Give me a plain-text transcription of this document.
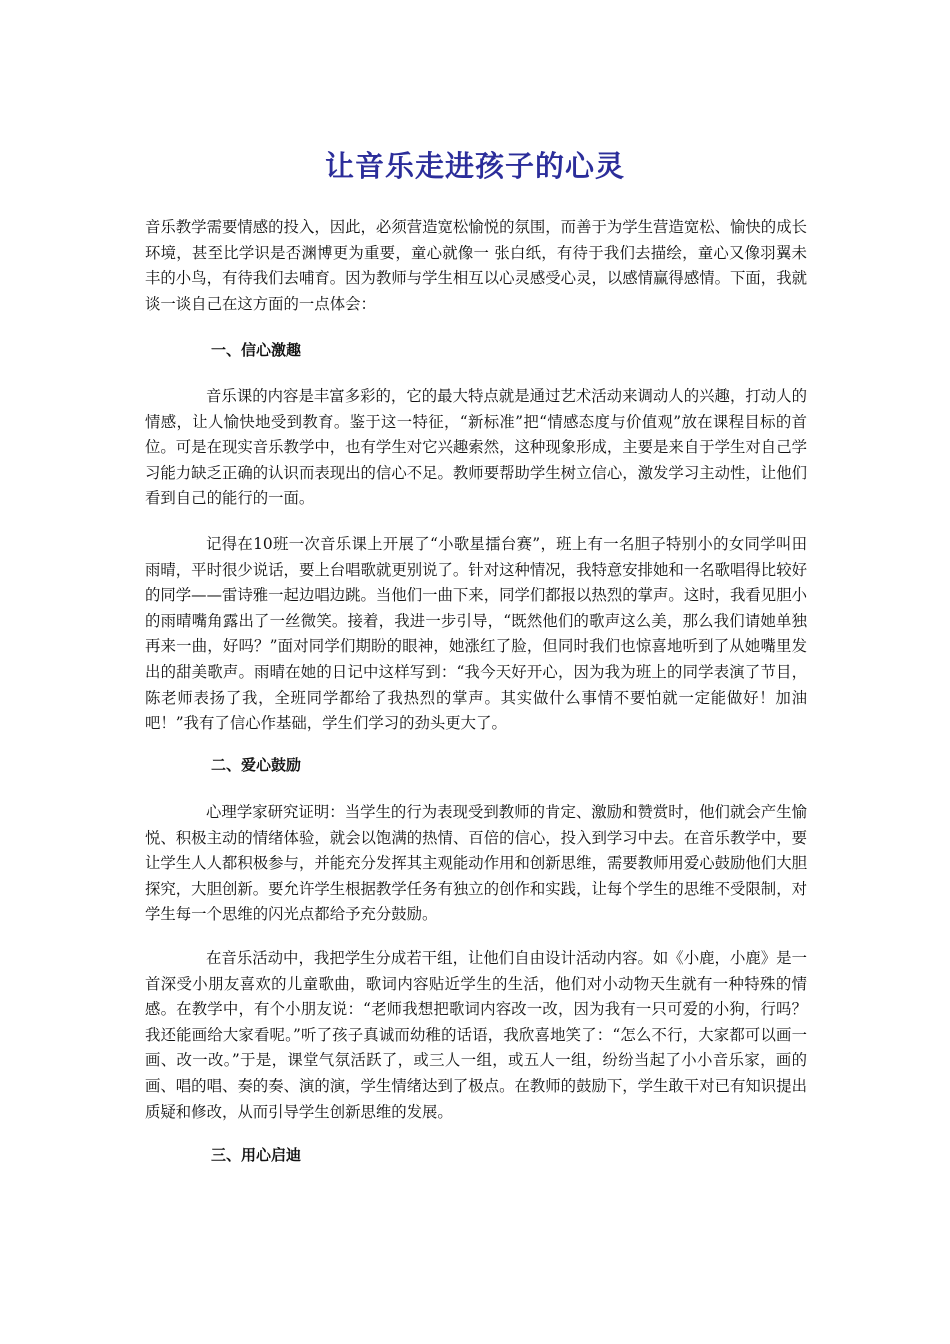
让音乐走进孩子的心灵
音乐教学需要情感的投入，因此，必须营造宽松愉悦的氛围，而善于为学生营造宽松、愉快的成长环境，甚至比学识是否渊博更为重要，童心就像一 张白纸，有待于我们去描绘，童心又像羽翼未丰的小鸟，有待我们去哺育。因为教师与学生相互以心灵感受心灵，以感情赢得感情。下面，我就谈一谈自己在这方面的一点体会：
一、信心激趣
音乐课的内容是丰富多彩的，它的最大特点就是通过艺术活动来调动人的兴趣，打动人的情感，让人愉快地受到教育。鉴于这一特征，“新标准”把“情感态度与价值观”放在课程目标的首位。可是在现实音乐教学中，也有学生对它兴趣索然，这种现象形成，主要是来自于学生对自己学习能力缺乏正确的认识而表现出的信心不足。教师要帮助学生树立信心，激发学习主动性，让他们看到自己的能行的一面。
记得在10班一次音乐课上开展了“小歌星擂台赛”，班上有一名胆子特别小的女同学叫田雨晴，平时很少说话，要上台唱歌就更别说了。针对这种情况，我特意安排她和一名歌唱得比较好的同学——雷诗雅一起边唱边跳。当他们一曲下来，同学们都报以热烈的掌声。这时，我看见胆小的雨晴嘴角露出了一丝微笑。接着，我进一步引导，“既然他们的歌声这么美，那么我们请她单独再来一曲，好吗？”面对同学们期盼的眼神，她涨红了脸，但同时我们也惊喜地听到了从她嘴里发出的甜美歌声。雨晴在她的日记中这样写到：“我今天好开心，因为我为班上的同学表演了节目，陈老师表扬了我，全班同学都给了我热烈的掌声。其实做什么事情不要怕就一定能做好！加油吧！”我有了信心作基础，学生们学习的劲头更大了。
二、爱心鼓励
心理学家研究证明：当学生的行为表现受到教师的肯定、激励和赞赏时，他们就会产生愉悦、积极主动的情绪体验，就会以饱满的热情、百倍的信心，投入到学习中去。在音乐教学中，要让学生人人都积极参与，并能充分发挥其主观能动作用和创新思维，需要教师用爱心鼓励他们大胆探究，大胆创新。要允许学生根据教学任务有独立的创作和实践，让每个学生的思维不受限制，对学生每一个思维的闪光点都给予充分鼓励。
在音乐活动中，我把学生分成若干组，让他们自由设计活动内容。如《小鹿，小鹿》是一首深受小朋友喜欢的儿童歌曲，歌词内容贴近学生的生活，他们对小动物天生就有一种特殊的情感。在教学中，有个小朋友说：“老师我想把歌词内容改一改，因为我有一只可爱的小狗，行吗？我还能画给大家看呢。”听了孩子真诚而幼稚的话语，我欣喜地笑了：“怎么不行，大家都可以画一画、改一改。”于是，课堂气氛活跃了，或三人一组，或五人一组，纷纷当起了小小音乐家，画的画、唱的唱、奏的奏、演的演，学生情绪达到了极点。在教师的鼓励下，学生敢干对已有知识提出质疑和修改，从而引导学生创新思维的发展。
三、用心启迪
